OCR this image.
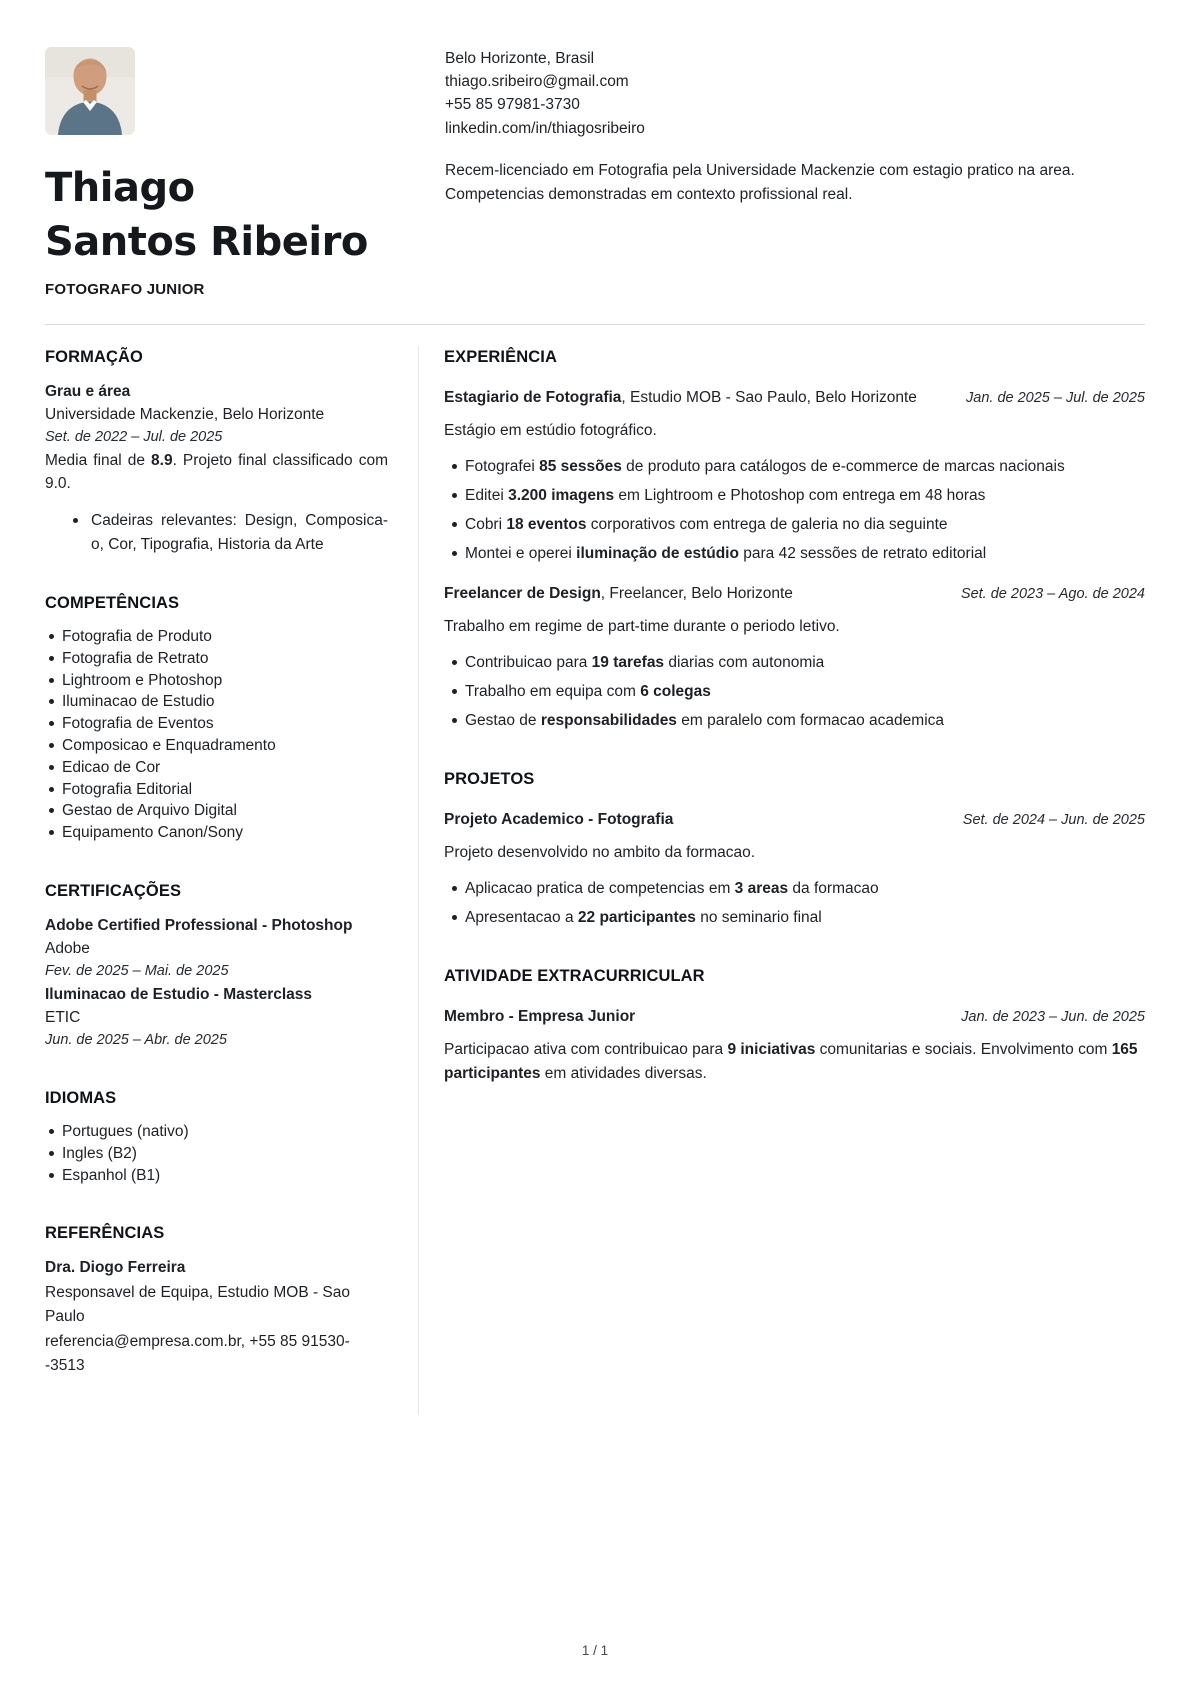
Thiago
Santos Ribeiro
FOTOGRAFO JUNIOR
Belo Horizonte, Brasil
thiago.sribeiro@gmail.com
+55 85 97981-3730
linkedin.com/in/thiagosribeiro

Recem-licenciado em Fotografia pela Universidade Mackenzie com estagio pratico na area. Competencias demonstradas em contexto profissional real.

FORMAÇÃO
Grau e área
Universidade Mackenzie, Belo Horizonte
Set. de 2022 – Jul. de 2025

Media final de 8.9. Projeto final classificado com 9.0.

Cadeiras relevantes: Design, Composica-o, Cor, Tipografia, Historia da Arte
COMPETÊNCIAS
Fotografia de Produto
Fotografia de Retrato
Lightroom e Photoshop
Iluminacao de Estudio
Fotografia de Eventos
Composicao e Enquadramento
Edicao de Cor
Fotografia Editorial
Gestao de Arquivo Digital
Equipamento Canon/Sony
CERTIFICAÇÕES
Adobe Certified Professional - Photoshop
Adobe
Fev. de 2025 – Mai. de 2025
Iluminacao de Estudio - Masterclass
ETIC
Jun. de 2025 – Abr. de 2025
IDIOMAS
Portugues (nativo)
Ingles (B2)
Espanhol (B1)
REFERÊNCIAS
Dra. Diogo Ferreira
Responsavel de Equipa, Estudio MOB - Sao Paulo
referencia@empresa.com.br, +55 85 91530--3513
EXPERIÊNCIA
Estagiario de Fotografia, Estudio MOB - Sao Paulo, Belo Horizonte	Jan. de 2025 – Jul. de 2025

Estágio em estúdio fotográfico.

Fotografei 85 sessões de produto para catálogos de e-commerce de marcas nacionais
Editei 3.200 imagens em Lightroom e Photoshop com entrega em 48 horas
Cobri 18 eventos corporativos com entrega de galeria no dia seguinte
Montei e operei iluminação de estúdio para 42 sessões de retrato editorial
Freelancer de Design, Freelancer, Belo Horizonte	Set. de 2023 – Ago. de 2024

Trabalho em regime de part-time durante o periodo letivo.

Contribuicao para 19 tarefas diarias com autonomia
Trabalho em equipa com 6 colegas
Gestao de responsabilidades em paralelo com formacao academica
PROJETOS
Projeto Academico - Fotografia	Set. de 2024 – Jun. de 2025

Projeto desenvolvido no ambito da formacao.

Aplicacao pratica de competencias em 3 areas da formacao
Apresentacao a 22 participantes no seminario final
ATIVIDADE EXTRACURRICULAR
Membro - Empresa Junior	Jan. de 2023 – Jun. de 2025

Participacao ativa com contribuicao para 9 iniciativas comunitarias e sociais. Envolvimento com 165 participantes em atividades diversas.

1 / 1
